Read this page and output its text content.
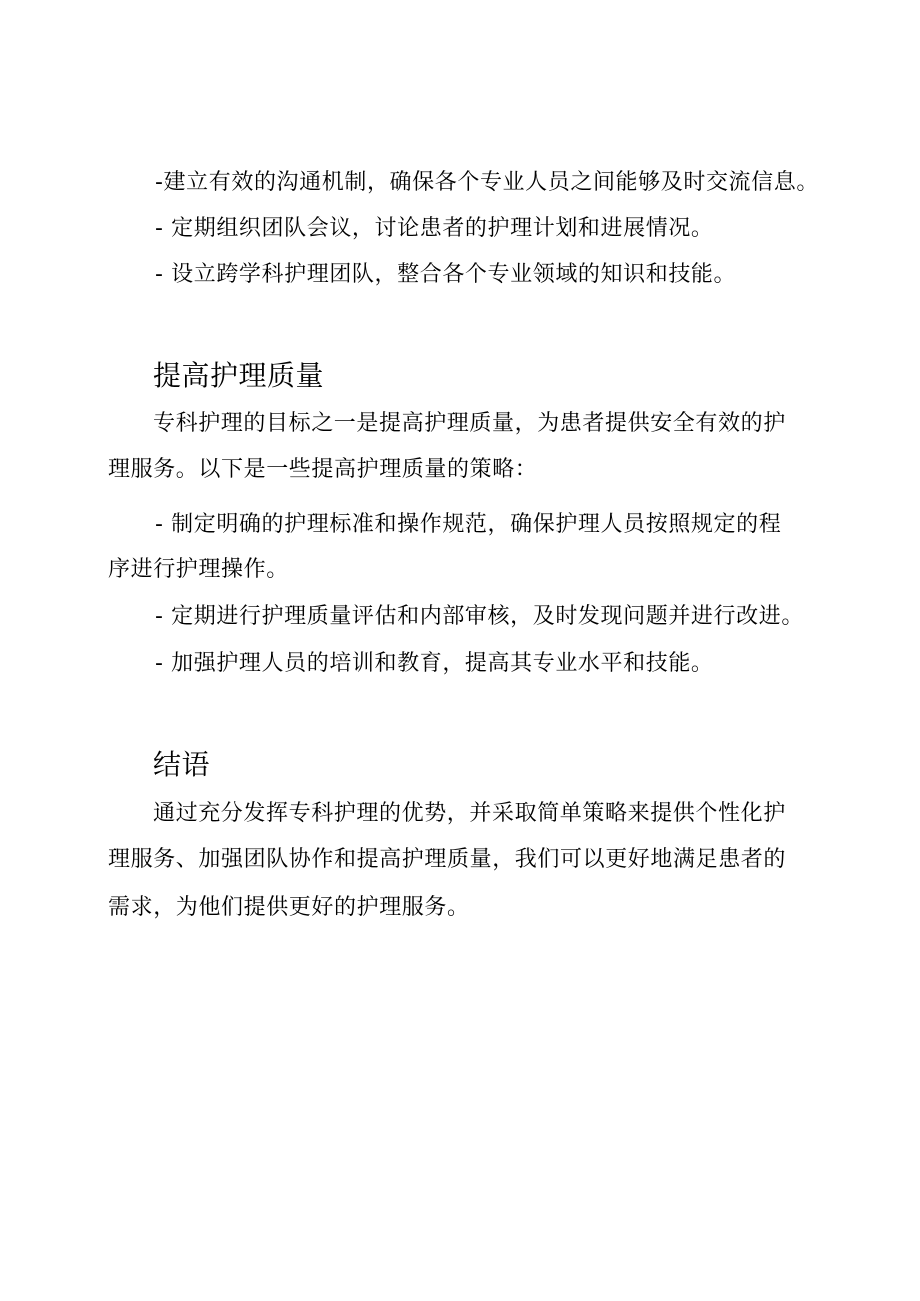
-建立有效的沟通机制，确保各个专业人员之间能够及时交流信息。
- 定期组织团队会议，讨论患者的护理计划和进展情况。
- 设立跨学科护理团队，整合各个专业领域的知识和技能。
提高护理质量
专科护理的目标之一是提高护理质量，为患者提供安全有效的护
理服务。以下是一些提高护理质量的策略：
- 制定明确的护理标准和操作规范，确保护理人员按照规定的程
序进行护理操作。
- 定期进行护理质量评估和内部审核，及时发现问题并进行改进。
- 加强护理人员的培训和教育，提高其专业水平和技能。
结语
通过充分发挥专科护理的优势，并采取简单策略来提供个性化护
理服务、加强团队协作和提高护理质量，我们可以更好地满足患者的
需求，为他们提供更好的护理服务。
